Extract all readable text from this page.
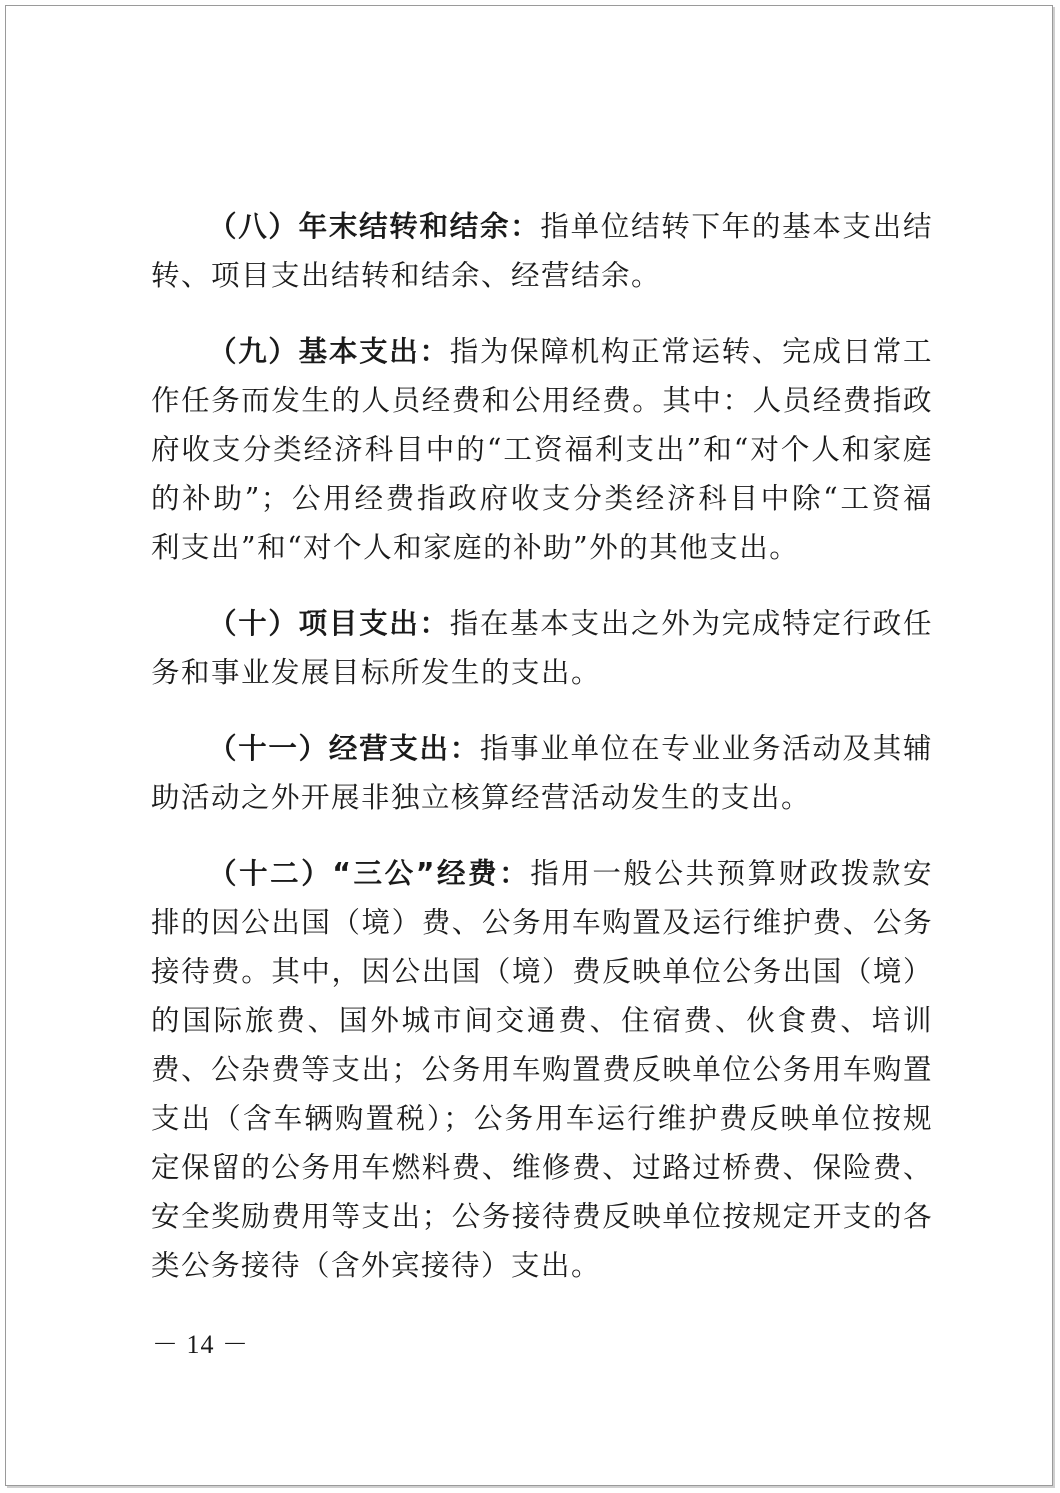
（八）年末结转和结余：指单位结转下年的基本支出结转、项目支出结转和结余、经营结余。

（九）基本支出：指为保障机构正常运转、完成日常工作任务而发生的人员经费和公用经费。其中：人员经费指政府收支分类经济科目中的“工资福利支出”和“对个人和家庭的补助”；公用经费指政府收支分类经济科目中除“工资福利支出”和“对个人和家庭的补助”外的其他支出。

（十）项目支出：指在基本支出之外为完成特定行政任务和事业发展目标所发生的支出。

（十一）经营支出：指事业单位在专业业务活动及其辅助活动之外开展非独立核算经营活动发生的支出。

（十二）“三公”经费：指用一般公共预算财政拨款安排的因公出国（境）费、公务用车购置及运行维护费、公务接待费。其中，因公出国（境）费反映单位公务出国（境）的国际旅费、国外城市间交通费、住宿费、伙食费、培训费、公杂费等支出；公务用车购置费反映单位公务用车购置支出（含车辆购置税）；公务用车运行维护费反映单位按规定保留的公务用车燃料费、维修费、过路过桥费、保险费、安全奖励费用等支出；公务接待费反映单位按规定开支的各类公务接待（含外宾接待）支出。

－ 14 －
